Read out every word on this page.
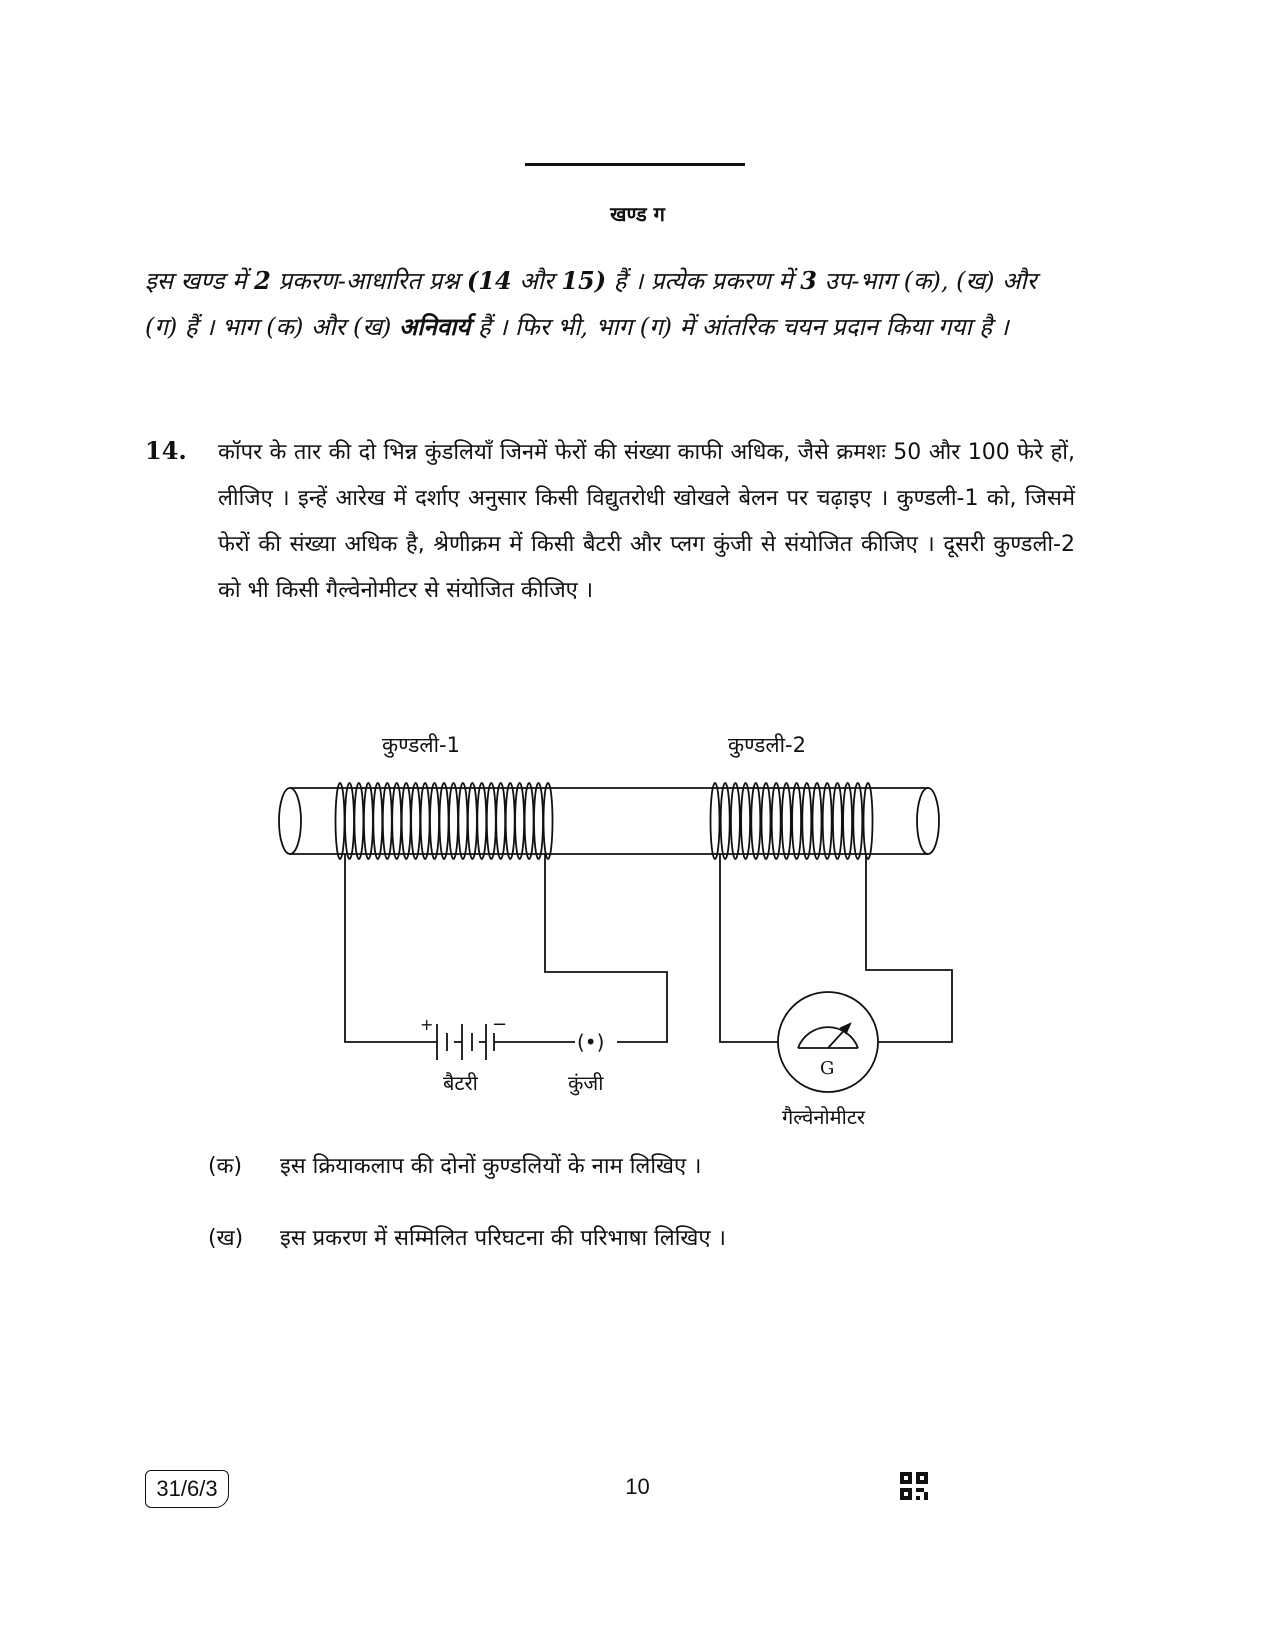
खण्ड ग
इस खण्ड में 2 प्रकरण-आधारित प्रश्न (14 और 15) हैं । प्रत्येक प्रकरण में 3 उप-भाग (क), (ख) और (ग) हैं । भाग (क) और (ख) अनिवार्य हैं । फिर भी, भाग (ग) में आंतरिक चयन प्रदान किया गया है ।
14. कॉपर के तार की दो भिन्न कुंडलियाँ जिनमें फेरों की संख्या काफी अधिक, जैसे क्रमशः 50 और 100 फेरे हों, लीजिए । इन्हें आरेख में दर्शाए अनुसार किसी विद्युतरोधी खोखले बेलन पर चढ़ाइए । कुण्डली-1 को, जिसमें फेरों की संख्या अधिक है, श्रेणीक्रम में किसी बैटरी और प्लग कुंजी से संयोजित कीजिए । दूसरी कुण्डली-2 को भी किसी गैल्वेनोमीटर से संयोजित कीजिए ।
कुण्डली-1	कुण्डली-2
+	−
(•)
बैटरी	कुंजी
G
गैल्वेनोमीटर
(क) इस क्रियाकलाप की दोनों कुण्डलियों के नाम लिखिए ।
(ख) इस प्रकरण में सम्मिलित परिघटना की परिभाषा लिखिए ।
31/6/3	10
